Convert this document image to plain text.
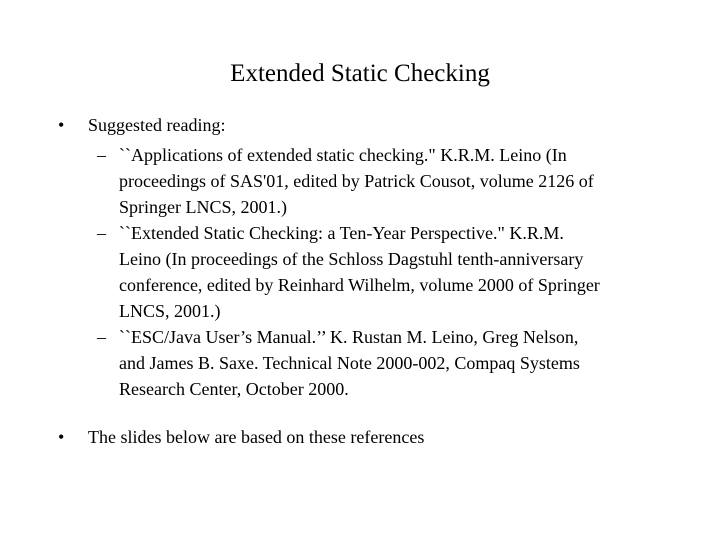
Extended Static Checking
•	Suggested reading:
– ``Applications of extended static checking." K.R.M. Leino (In
proceedings of SAS'01, edited by Patrick Cousot, volume 2126 of
Springer LNCS, 2001.)
– ``Extended Static Checking: a Ten-Year Perspective." K.R.M.
Leino (In proceedings of the Schloss Dagstuhl tenth-anniversary
conference, edited by Reinhard Wilhelm, volume 2000 of Springer
LNCS, 2001.)
– ``ESC/Java User’s Manual.’’ K. Rustan M. Leino, Greg Nelson,
and James B. Saxe. Technical Note 2000-002, Compaq Systems
Research Center, October 2000.
•	The slides below are based on these references
